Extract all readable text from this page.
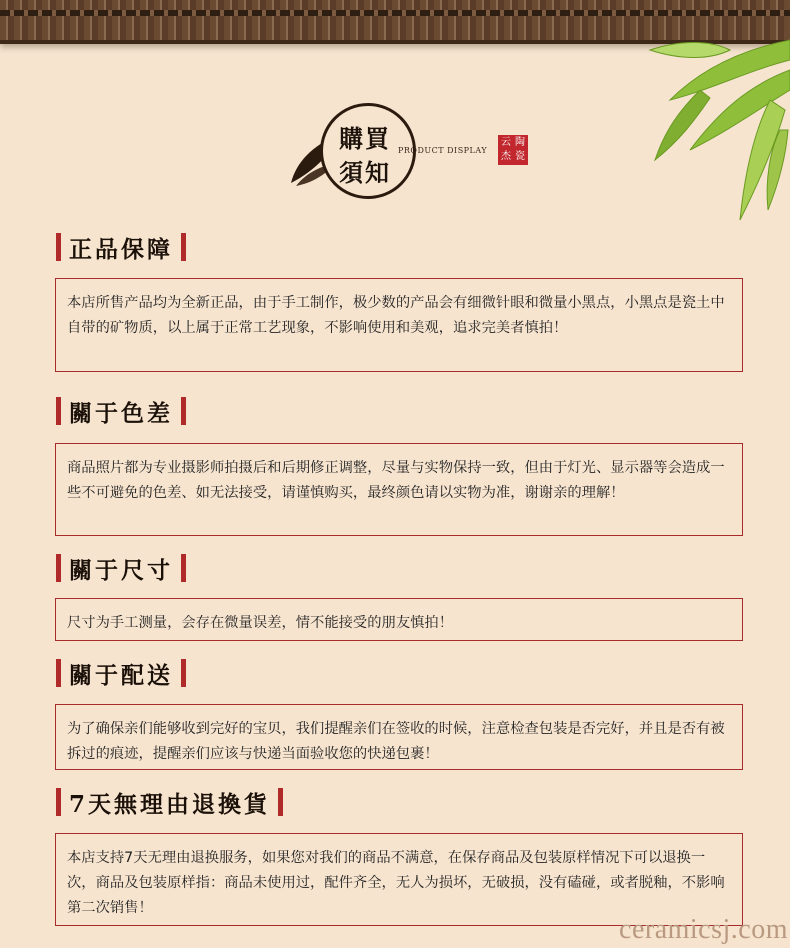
購買
須知
PRODUCT DISPLAY
云 陶
杰 瓷
正品保障
本店所售产品均为全新正品，由于手工制作，极少数的产品会有细微针眼和微量小黑点，小黑点是瓷土中自带的矿物质，以上属于正常工艺现象，不影响使用和美观，追求完美者慎拍！
關于色差
商品照片都为专业摄影师拍摄后和后期修正调整，尽量与实物保持一致，但由于灯光、显示器等会造成一些不可避免的色差、如无法接受，请谨慎购买，最终颜色请以实物为准，谢谢亲的理解！
關于尺寸
尺寸为手工测量，会存在微量误差，情不能接受的朋友慎拍！
關于配送
为了确保亲们能够收到完好的宝贝，我们提醒亲们在签收的时候，注意检查包装是否完好，并且是否有被拆过的痕迹，提醒亲们应该与快递当面验收您的快递包裹！
7天無理由退換貨
本店支持7天无理由退换服务，如果您对我们的商品不满意，在保存商品及包装原样情况下可以退换一次，商品及包装原样指：商品未使用过，配件齐全，无人为损坏，无破损，没有磕碰，或者脱釉，不影响第二次销售！
ceramicsj.com
